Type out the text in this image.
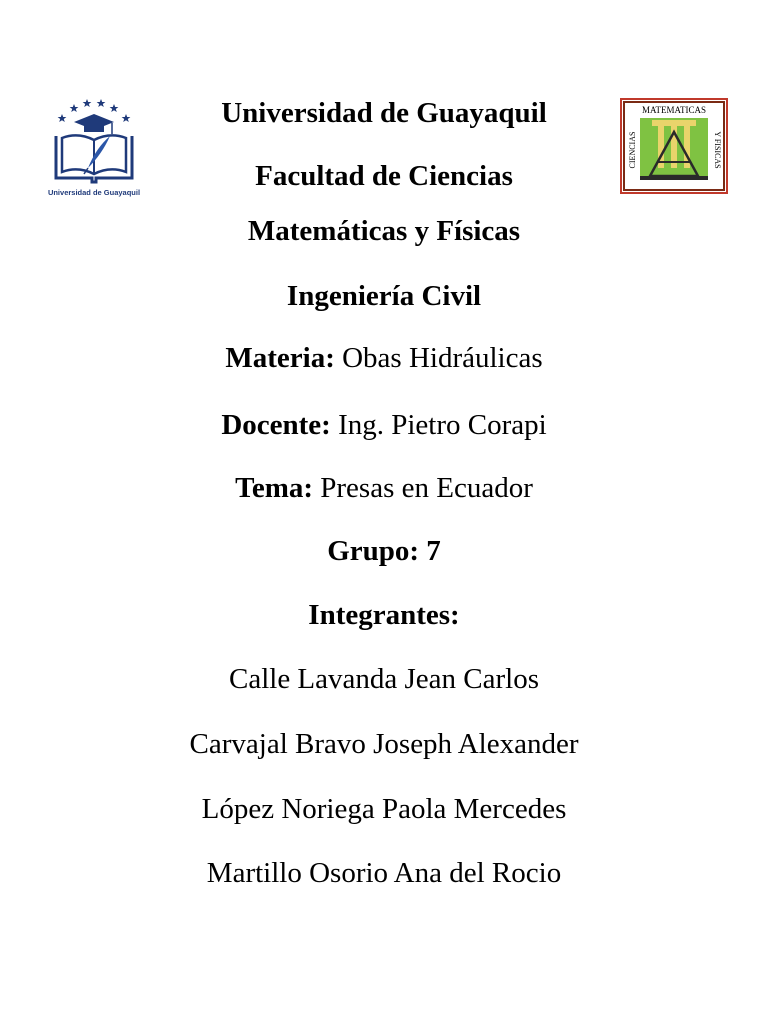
Universidad de Guayaquil
MATEMATICAS
CIENCIAS	Y FISICAS
Universidad de Guayaquil
Facultad de Ciencias
Matemáticas y Físicas
Ingeniería Civil
Materia: Obas Hidráulicas
Docente: Ing. Pietro Corapi
Tema: Presas en Ecuador
Grupo: 7
Integrantes:
Calle Lavanda Jean Carlos
Carvajal Bravo Joseph Alexander
López Noriega Paola Mercedes
Martillo Osorio Ana del Rocio
